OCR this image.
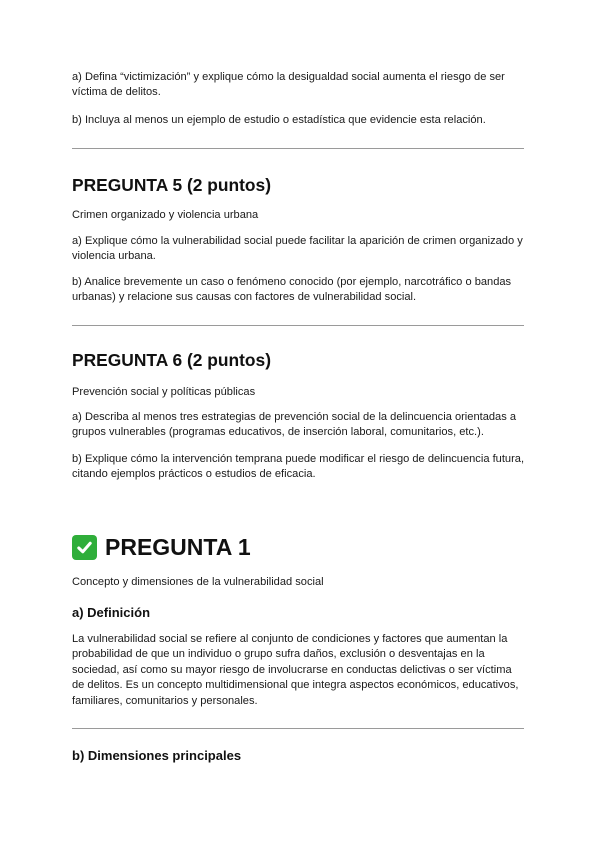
a) Defina “victimización” y explique cómo la desigualdad social aumenta el riesgo de ser víctima de delitos.

b) Incluya al menos un ejemplo de estudio o estadística que evidencie esta relación.

PREGUNTA 5 (2 puntos)

Crimen organizado y violencia urbana

a) Explique cómo la vulnerabilidad social puede facilitar la aparición de crimen organizado y violencia urbana.

b) Analice brevemente un caso o fenómeno conocido (por ejemplo, narcotráfico o bandas urbanas) y relacione sus causas con factores de vulnerabilidad social.

PREGUNTA 6 (2 puntos)

Prevención social y políticas públicas

a) Describa al menos tres estrategias de prevención social de la delincuencia orientadas a grupos vulnerables (programas educativos, de inserción laboral, comunitarios, etc.).

b) Explique cómo la intervención temprana puede modificar el riesgo de delincuencia futura, citando ejemplos prácticos o estudios de eficacia.

PREGUNTA 1

Concepto y dimensiones de la vulnerabilidad social

a) Definición

La vulnerabilidad social se refiere al conjunto de condiciones y factores que aumentan la probabilidad de que un individuo o grupo sufra daños, exclusión o desventajas en la sociedad, así como su mayor riesgo de involucrarse en conductas delictivas o ser víctima de delitos. Es un concepto multidimensional que integra aspectos económicos, educativos, familiares, comunitarios y personales.

b) Dimensiones principales
